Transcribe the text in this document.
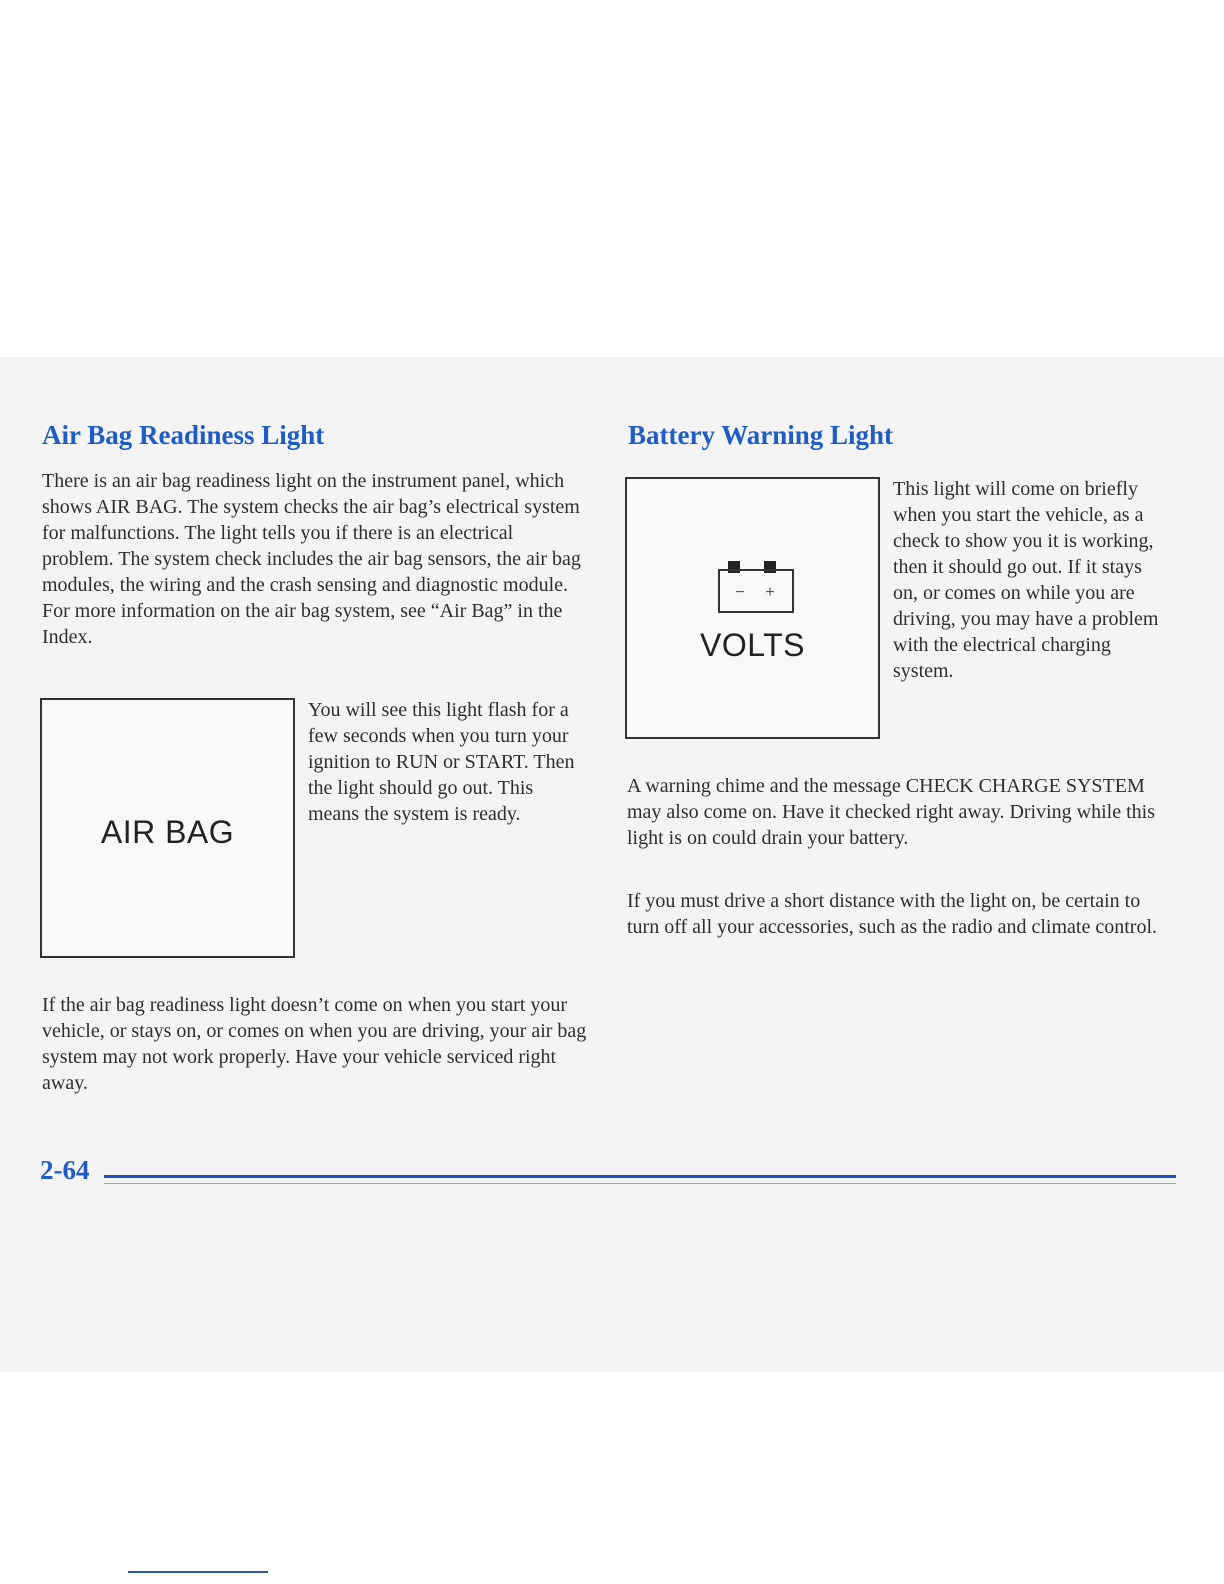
Air Bag Readiness Light

There is an air bag readiness light on the instrument panel, which shows AIR BAG. The system checks the air bag’s electrical system for malfunctions. The light tells you if there is an electrical problem. The system check includes the air bag sensors, the air bag modules, the wiring and the crash sensing and diagnostic module. For more information on the air bag system, see “Air Bag” in the Index.

AIR BAG

You will see this light flash for a few seconds when you turn your ignition to RUN or START. Then the light should go out. This means the system is ready.

If the air bag readiness light doesn’t come on when you start your vehicle, or stays on, or comes on when you are driving, your air bag system may not work properly. Have your vehicle serviced right away.

Battery Warning Light
− +
VOLTS

This light will come on briefly when you start the vehicle, as a check to show you it is working, then it should go out. If it stays on, or comes on while you are driving, you may have a problem with the electrical charging system.

A warning chime and the message CHECK CHARGE SYSTEM may also come on. Have it checked right away. Driving while this light is on could drain your battery.

If you must drive a short distance with the light on, be certain to turn off all your accessories, such as the radio and climate control.

2-64
